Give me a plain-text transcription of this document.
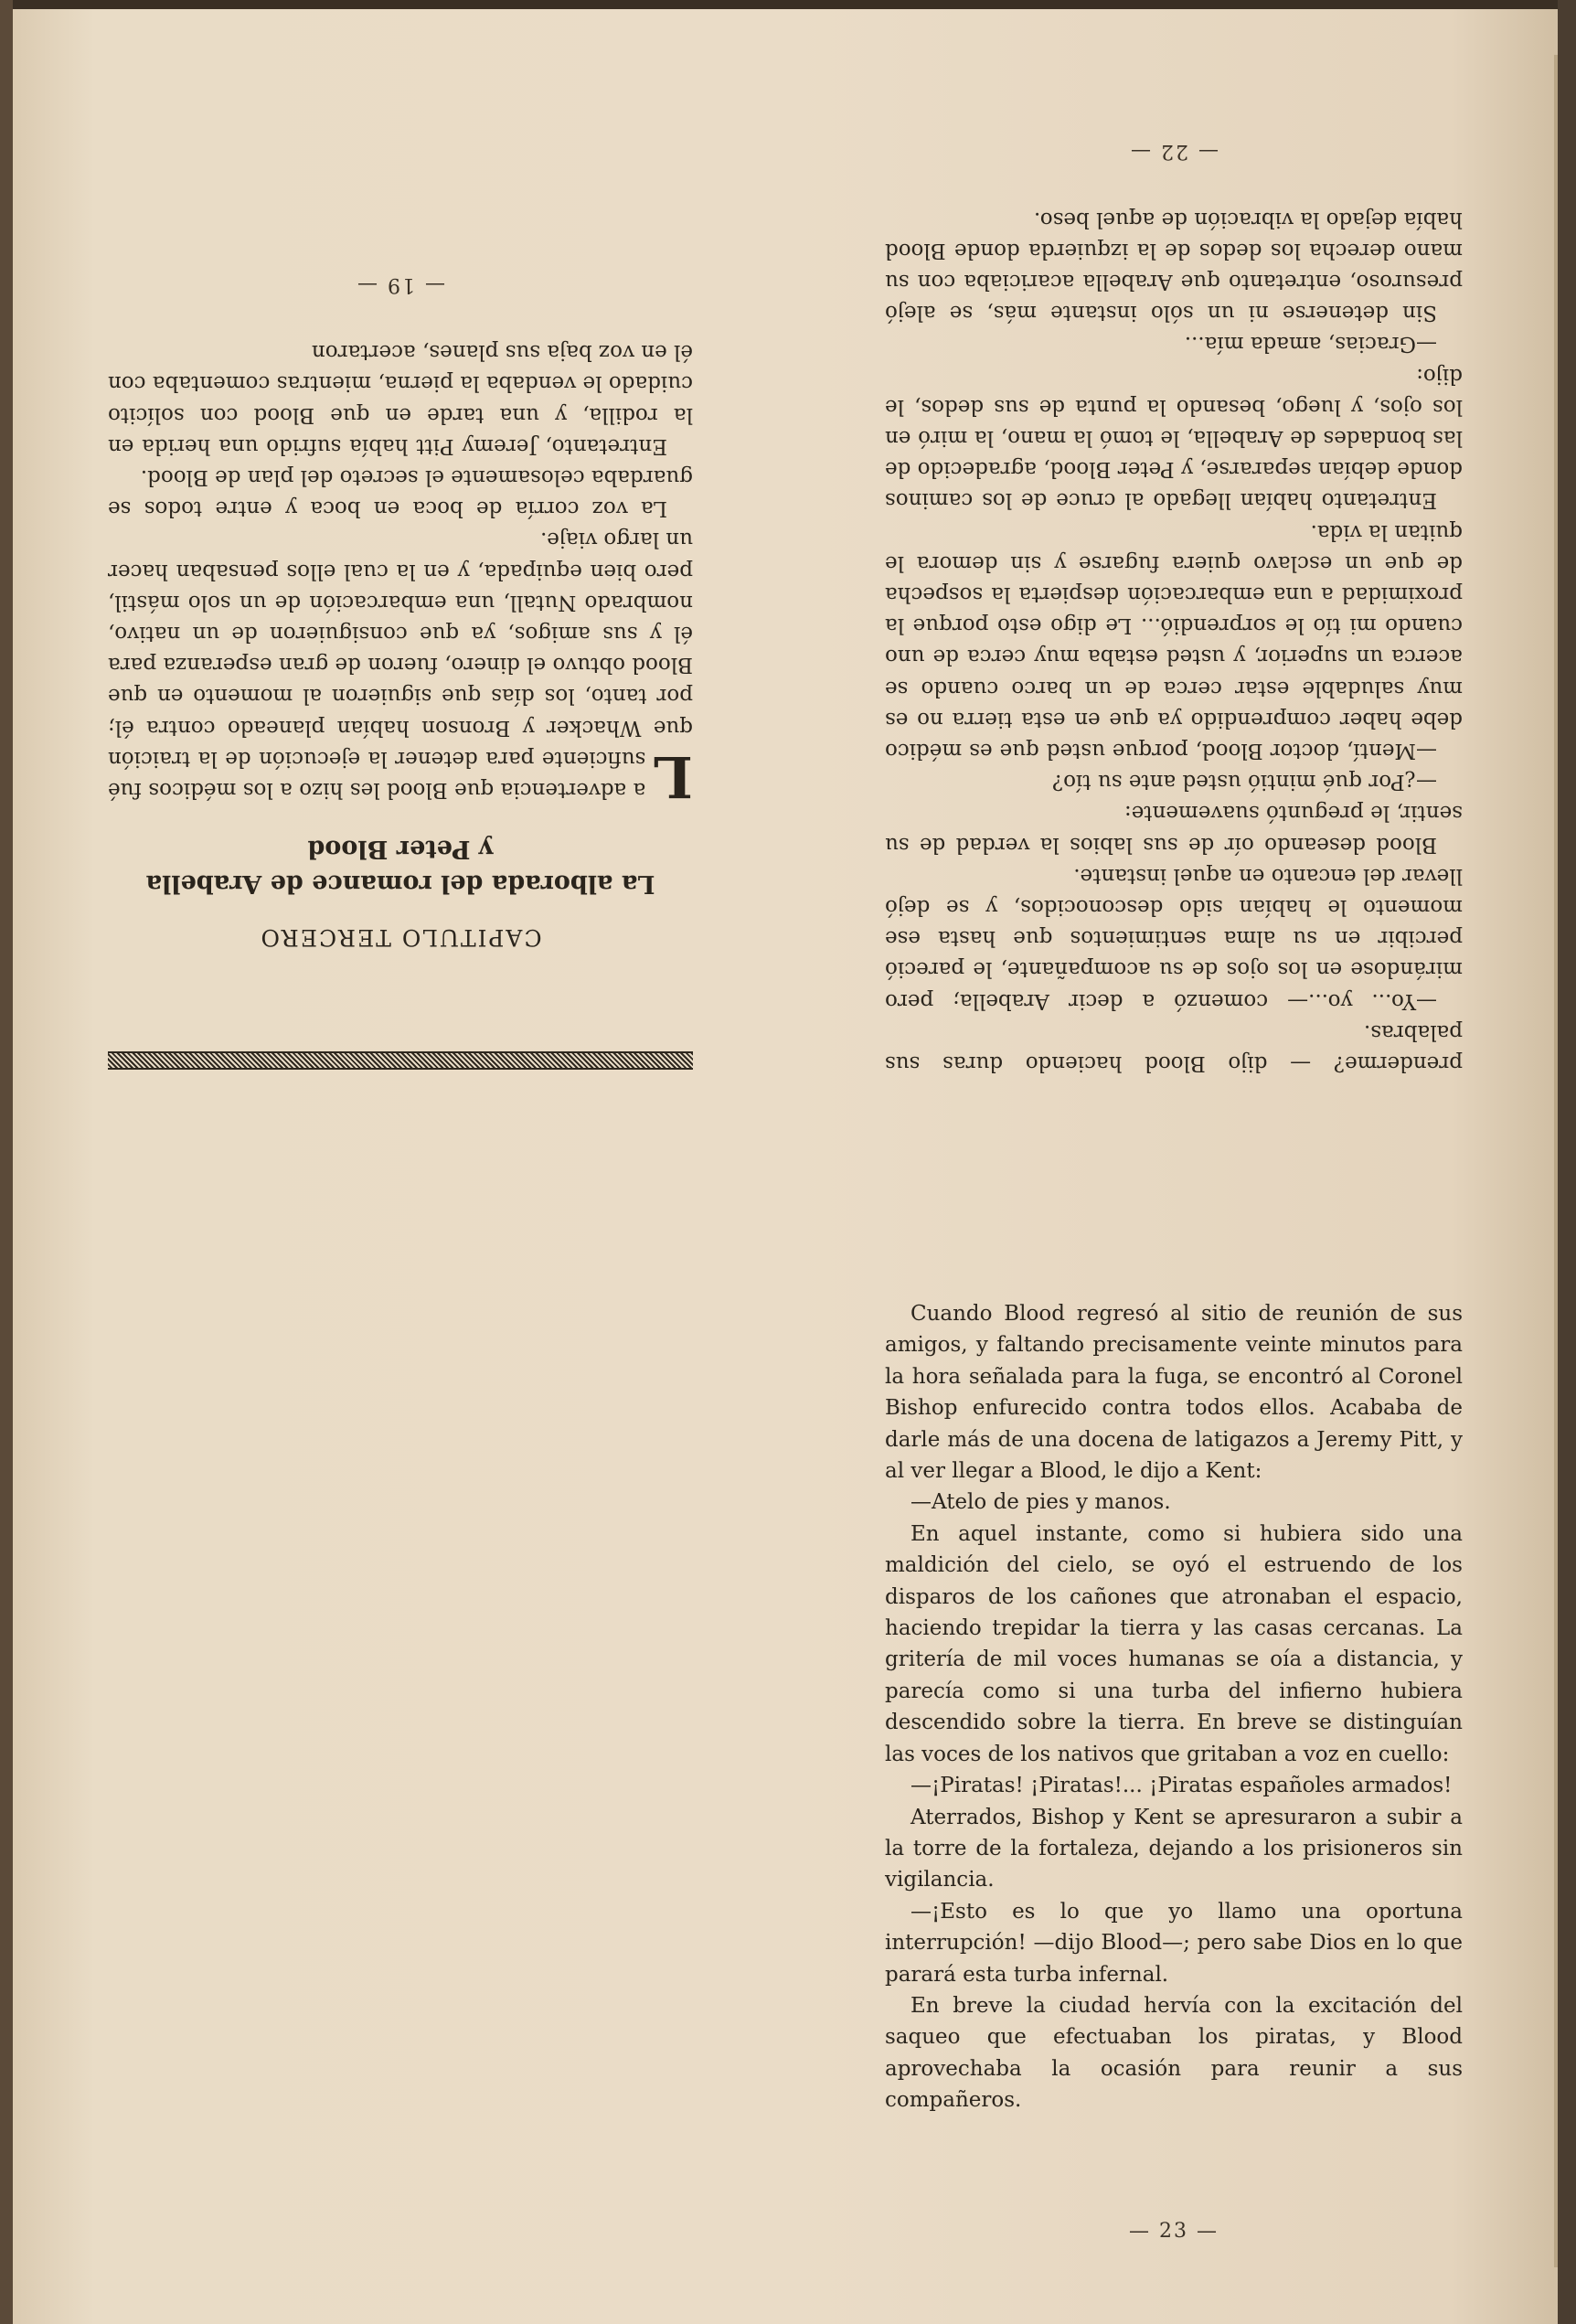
prenderme? — dijo Blood haciendo duras sus palabras.

—Yo... yo...— comenzó a decir Arabella; pero mirándose en los ojos de su acompañante, le pareció percibir en su alma sentimientos que hasta ese momento le habían sido desconocidos, y se dejó llevar del encanto en aquel instante.

Blood deseando oír de sus labios la verdad de su sentir, le preguntó suavemente:

—¿Por qué mintió usted ante su tío?

—Mentí, doctor Blood, porque usted que es médico debe haber comprendido ya que en esta tierra no es muy saludable estar cerca de un barco cuando se acerca un superior, y usted estaba muy cerca de uno cuando mi tío le sorprendió... Le digo esto porque la proximidad a una embarcación despierta la sospecha de que un esclavo quiera fugarse y sin demora le quitan la vida.

Entretanto habían llegado al cruce de los caminos donde debían separarse, y Peter Blood, agradecido de las bondades de Arabella, le tomó la mano, la miró en los ojos, y luego, besando la punta de sus dedos, le dijo:

—Gracias, amada mía...

Sin detenerse ni un sólo instante más, se alejó presuroso, entretanto que Arabella acariciaba con su mano derecha los dedos de la izquierda donde Blood había dejado la vibración de aquel beso.

— 22 —
CAPITULO TERCERO
La alborada del romance de Arabella
y Peter Blood

L
a advertencia que Blood les hizo a los médicos fué suficiente para detener la ejecución de la traición que Whacker y Bronson habían planeado contra él; por tanto, los días que siguieron al momento en que Blood obtuvo el dinero, fueron de gran esperanza para él y sus amigos, ya que consiguieron de un nativo, nombrado Nutall, una embarcación de un solo mástil, pero bien equipada, y en la cual ellos pensaban hacer un largo viaje.

La voz corría de boca en boca y entre todos se guardaba celosamente el secreto del plan de Blood.

Entretanto, Jeremy Pitt había sufrido una herida en la rodilla, y una tarde en que Blood con solícito cuidado le vendaba la pierna, mientras comentaba con él en voz baja sus planes, acertaron

— 19 —

Cuando Blood regresó al sitio de reunión de sus amigos, y faltando precisamente veinte minutos para la hora señalada para la fuga, se encontró al Coronel Bishop enfurecido contra todos ellos. Acababa de darle más de una docena de latigazos a Jeremy Pitt, y al ver llegar a Blood, le dijo a Kent:

—Atelo de pies y manos.

En aquel instante, como si hubiera sido una maldición del cielo, se oyó el estruendo de los disparos de los cañones que atronaban el espacio, haciendo trepidar la tierra y las casas cercanas. La gritería de mil voces humanas se oía a distancia, y parecía como si una turba del infierno hubiera descendido sobre la tierra. En breve se distinguían las voces de los nativos que gritaban a voz en cuello:

—¡Piratas! ¡Piratas!... ¡Piratas españoles armados!

Aterrados, Bishop y Kent se apresuraron a subir a la torre de la fortaleza, dejando a los prisioneros sin vigilancia.

—¡Esto es lo que yo llamo una oportuna interrupción! —dijo Blood—; pero sabe Dios en lo que parará esta turba infernal.

En breve la ciudad hervía con la excitación del saqueo que efectuaban los piratas, y Blood aprovechaba la ocasión para reunir a sus compañeros.

— 23 —
